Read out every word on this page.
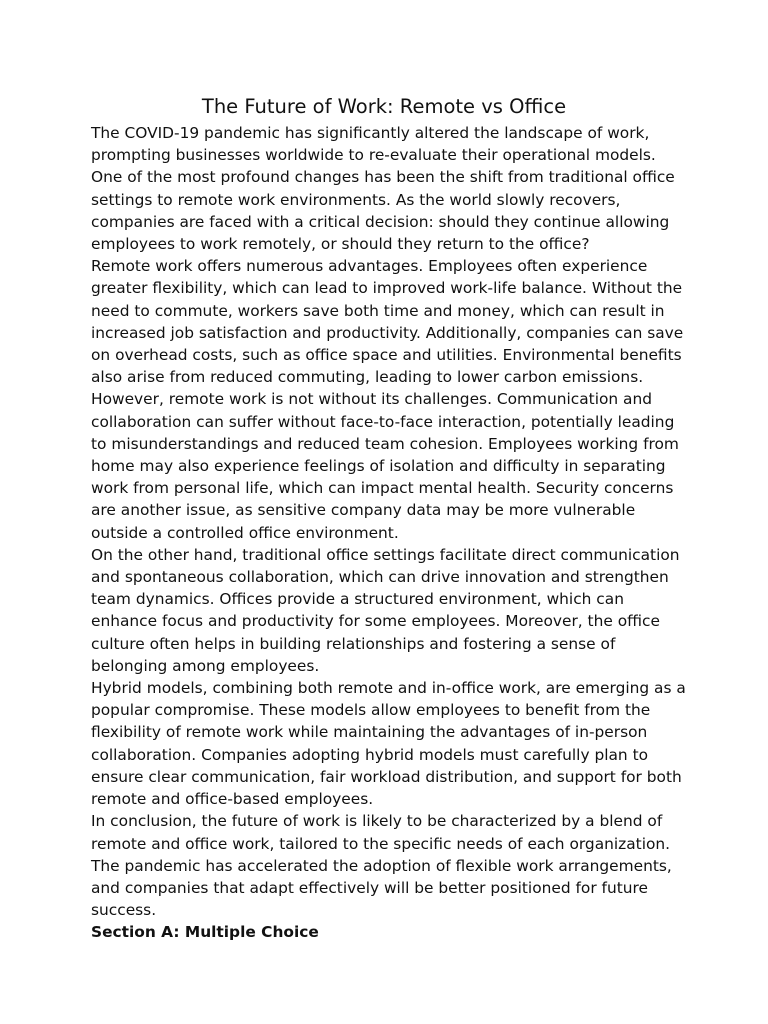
The Future of Work: Remote vs Office

The COVID-19 pandemic has significantly altered the landscape of work, prompting businesses worldwide to re-evaluate their operational models. One of the most profound changes has been the shift from traditional office settings to remote work environments. As the world slowly recovers, companies are faced with a critical decision: should they continue allowing employees to work remotely, or should they return to the office?

Remote work offers numerous advantages. Employees often experience greater flexibility, which can lead to improved work-life balance. Without the need to commute, workers save both time and money, which can result in increased job satisfaction and productivity. Additionally, companies can save on overhead costs, such as office space and utilities. Environmental benefits also arise from reduced commuting, leading to lower carbon emissions.

However, remote work is not without its challenges. Communication and collaboration can suffer without face-to-face interaction, potentially leading to misunderstandings and reduced team cohesion. Employees working from home may also experience feelings of isolation and difficulty in separating work from personal life, which can impact mental health. Security concerns are another issue, as sensitive company data may be more vulnerable outside a controlled office environment.

On the other hand, traditional office settings facilitate direct communication and spontaneous collaboration, which can drive innovation and strengthen team dynamics. Offices provide a structured environment, which can enhance focus and productivity for some employees. Moreover, the office culture often helps in building relationships and fostering a sense of belonging among employees.

Hybrid models, combining both remote and in-office work, are emerging as a popular compromise. These models allow employees to benefit from the flexibility of remote work while maintaining the advantages of in-person collaboration. Companies adopting hybrid models must carefully plan to ensure clear communication, fair workload distribution, and support for both remote and office-based employees.

In conclusion, the future of work is likely to be characterized by a blend of remote and office work, tailored to the specific needs of each organization. The pandemic has accelerated the adoption of flexible work arrangements, and companies that adapt effectively will be better positioned for future success.

Section A: Multiple Choice
